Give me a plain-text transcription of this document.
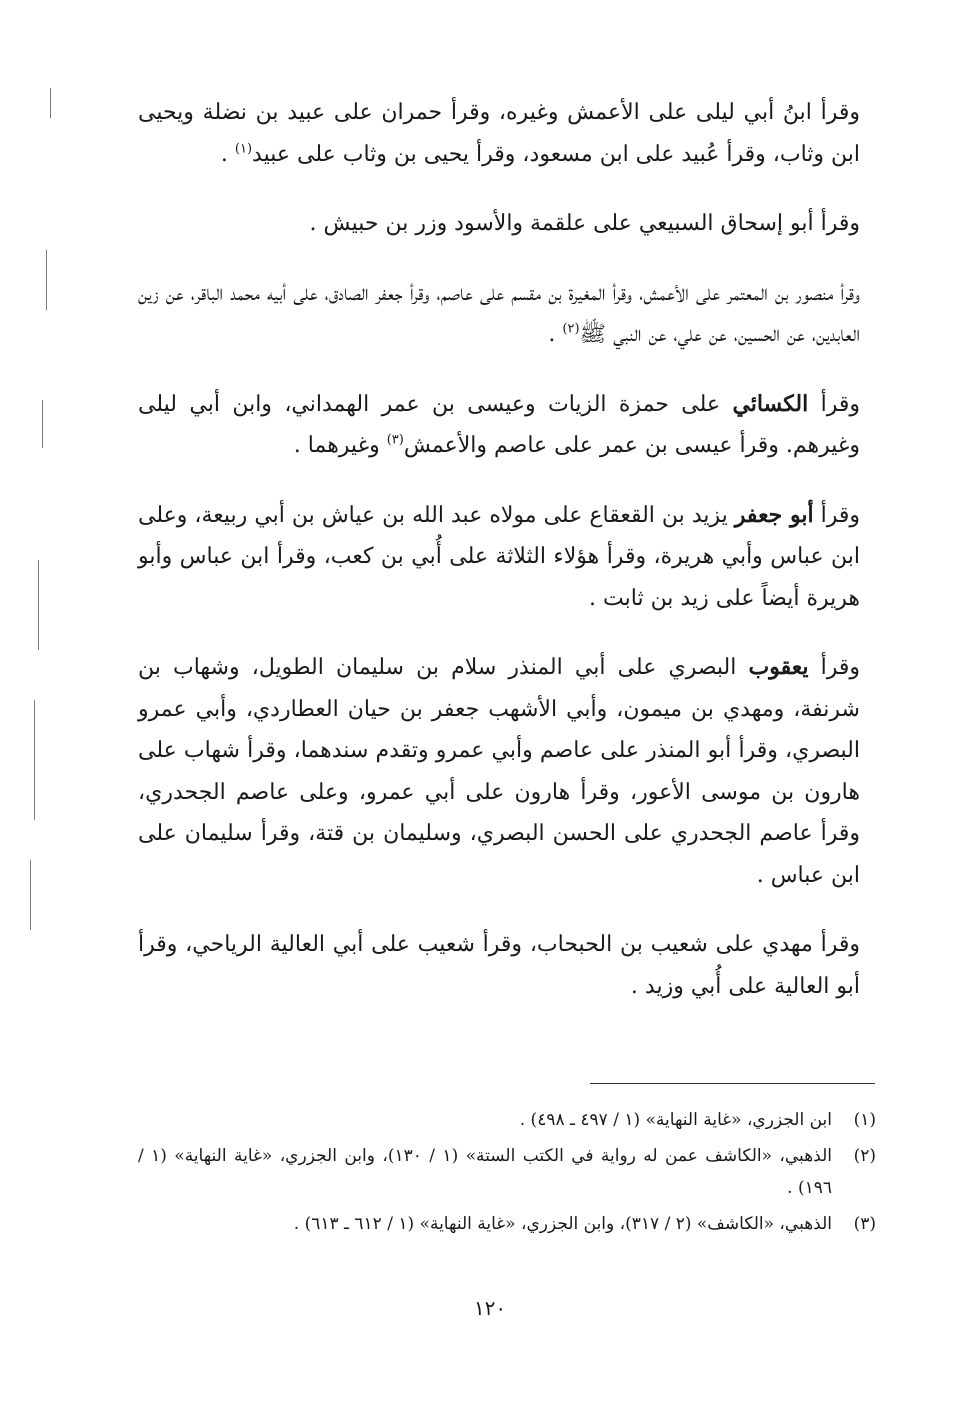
وقرأ ابنُ أبي ليلى على الأعمش وغيره، وقرأ حمران على عبيد بن نضلة ويحيى ابن وثاب، وقرأ عُبيد على ابن مسعود، وقرأ يحيى بن وثاب على عبيد$^{(١)}$ .

وقرأ أبو إسحاق السبيعي على علقمة والأسود وزر بن حبيش .

وقرأ منصور بن المعتمر على الأعمش، وقرأ المغيرة بن مقسم على عاصم، وقرأ جعفر الصادق، على أبيه محمد الباقر، عن زين العابدين، عن الحسين، عن علي، عن النبي ﷺ$^{(٢)}$ .

وقرأ الكسائي على حمزة الزيات وعيسى بن عمر الهمداني، وابن أبي ليلى وغيرهم. وقرأ عيسى بن عمر على عاصم والأعمش$^{(٣)}$ وغيرهما .

وقرأ أبو جعفر يزيد بن القعقاع على مولاه عبد الله بن عياش بن أبي ربيعة، وعلى ابن عباس وأبي هريرة، وقرأ هؤلاء الثلاثة على أُبي بن كعب، وقرأ ابن عباس وأبو هريرة أيضاً على زيد بن ثابت .

وقرأ يعقوب البصري على أبي المنذر سلام بن سليمان الطويل، وشهاب بن شرنفة، ومهدي بن ميمون، وأبي الأشهب جعفر بن حيان العطاردي، وأبي عمرو البصري، وقرأ أبو المنذر على عاصم وأبي عمرو وتقدم سندهما، وقرأ شهاب على هارون بن موسى الأعور، وقرأ هارون على أبي عمرو، وعلى عاصم الجحدري، وقرأ عاصم الجحدري على الحسن البصري، وسليمان بن قتة، وقرأ سليمان على ابن عباس .

وقرأ مهدي على شعيب بن الحبحاب، وقرأ شعيب على أبي العالية الرياحي، وقرأ أبو العالية على أُبي وزيد .

(١)
ابن الجزري، «غاية النهاية» (١ / ٤٩٧ ـ ٤٩٨) .
(٢)
الذهبي، «الكاشف عمن له رواية في الكتب الستة» (١ / ١٣٠)، وابن الجزري، «غاية النهاية» (١ / ١٩٦) .
(٣)
الذهبي، «الكاشف» (٢ / ٣١٧)، وابن الجزري، «غاية النهاية» (١ / ٦١٢ ـ ٦١٣) .
١٢٠
